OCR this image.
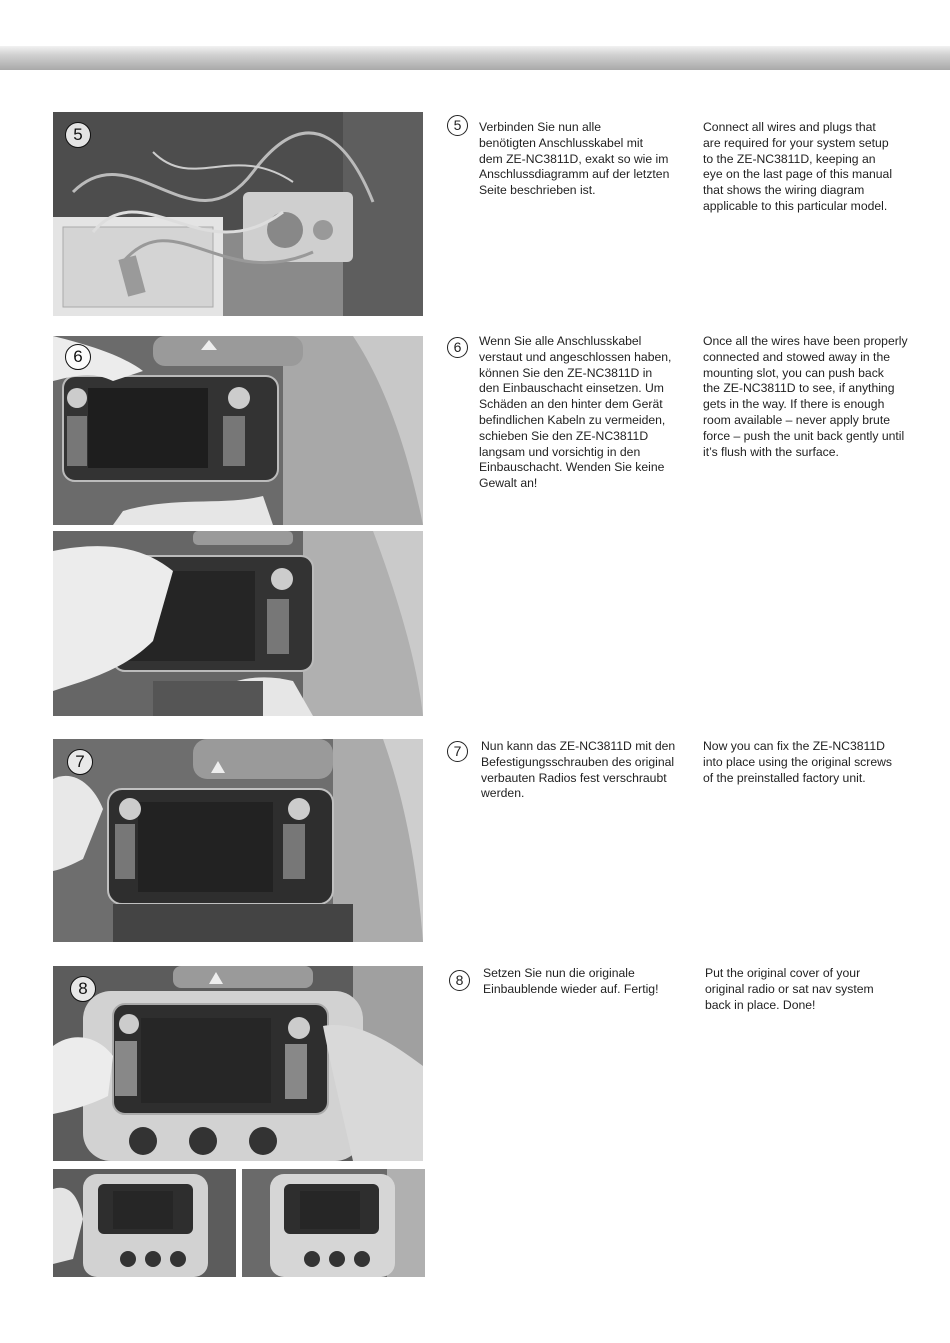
5
6
7
8
5	Verbinden Sie nun alle
benötigten Anschlusskabel mit
dem ZE-NC3811D, exakt so wie im
Anschlussdiagramm auf der letzten
Seite beschrieben ist.
Connect all wires and plugs that
are required for your system setup
to the ZE-NC3811D, keeping an
eye on the last page of this manual
that shows the wiring diagram
applicable to this particular model.
6	Wenn Sie alle Anschlusskabel
verstaut und angeschlossen haben,
können Sie den ZE-NC3811D in
den Einbauschacht einsetzen. Um
Schäden an den hinter dem Gerät
befindlichen Kabeln zu vermeiden,
schieben Sie den ZE-NC3811D
langsam und vorsichtig in den
Einbauschacht. Wenden Sie keine
Gewalt an!
Once all the wires have been properly
connected and stowed away in the
mounting slot, you can push back
the ZE-NC3811D to see, if anything
gets in the way. If there is enough
room available – never apply brute
force – push the unit back gently until
it’s flush with the surface.
7	Nun kann das ZE-NC3811D mit den
Befestigungsschrauben des original
verbauten Radios fest verschraubt
werden.
Now you can fix the ZE-NC3811D
into place using the original screws
of the preinstalled factory unit.
8	Setzen Sie nun die originale
Einbaublende wieder auf. Fertig!
Put the original cover of your
original radio or sat nav system
back in place. Done!
